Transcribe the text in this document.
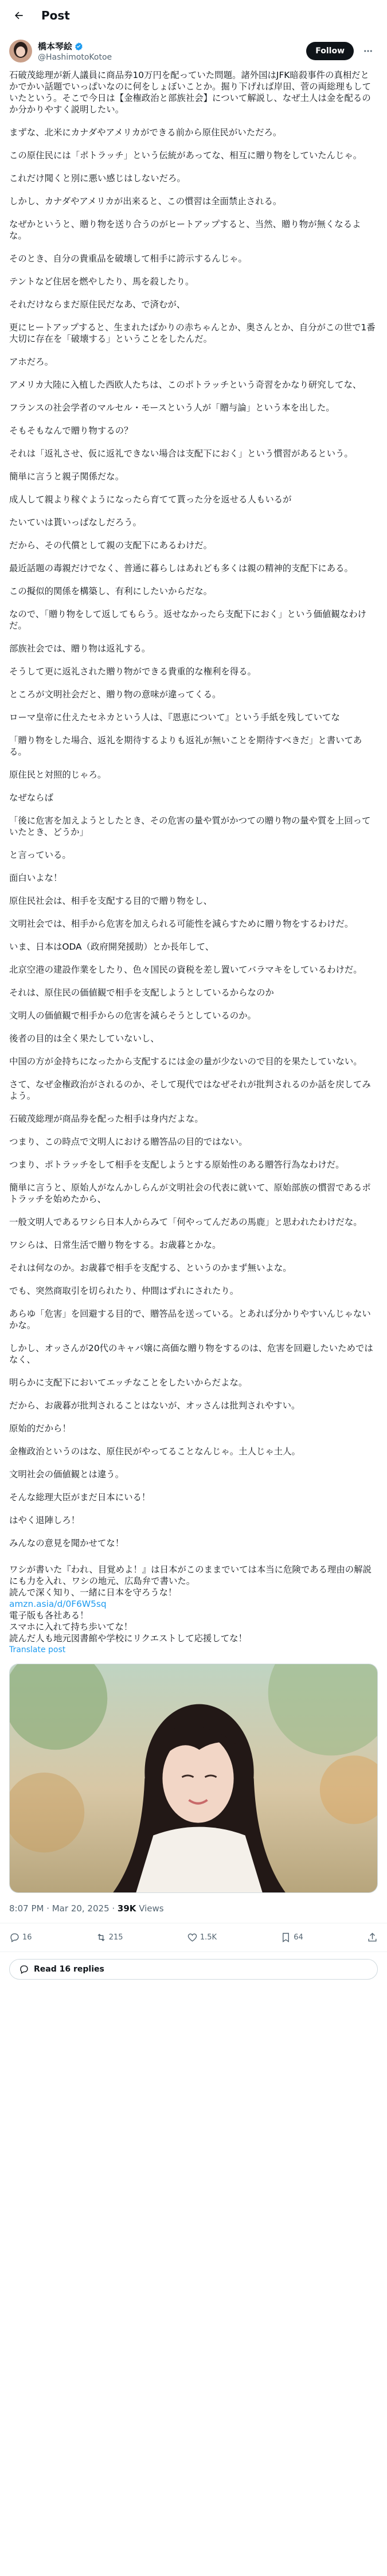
Post
橋本琴絵
@HashimotoKotoe
Follow
石破茂総理が新人議員に商品券10万円を配っていた問題。諸外国はJFK暗殺事件の真相だとかでかい話題でいっぱいなのに何をしょぼいことか。掘り下げれば岸田、菅の両総理もしていたという。そこで今日は【金権政治と部族社会】について解説し、なぜ土人は金を配るのか分かりやすく説明したい。
まずな、北米にカナダやアメリカができる前から原住民がいただろ。
この原住民には「ポトラッチ」という伝統があってな、相互に贈り物をしていたんじゃ。
これだけ聞くと別に悪い感じはしないだろ。
しかし、カナダやアメリカが出来ると、この慣習は全面禁止される。
なぜかというと、贈り物を送り合うのがヒートアップすると、当然、贈り物が無くなるよな。
そのとき、自分の貴重品を破壊して相手に誇示するんじゃ。
テントなど住居を燃やしたり、馬を殺したり。
それだけならまだ原住民だなあ、で済むが、
更にヒートアップすると、生まれたばかりの赤ちゃんとか、奥さんとか、自分がこの世で1番大切に存在を「破壊する」ということをしたんだ。
アホだろ。
アメリカ大陸に入植した西欧人たちは、このポトラッチという奇習をかなり研究してな、
フランスの社会学者のマルセル・モースという人が「贈与論」という本を出した。
そもそもなんで贈り物するの？
それは「返礼させ、仮に返礼できない場合は支配下におく」という慣習があるという。
簡単に言うと親子関係だな。
成人して親より稼ぐようになったら育てて貰った分を返せる人もいるが
たいていは貰いっぱなしだろう。
だから、その代償として親の支配下にあるわけだ。
最近話題の毒親だけでなく、普通に暮らしはあれども多くは親の精神的支配下にある。
この擬似的関係を構築し、有利にしたいからだな。
なので、「贈り物をして返してもらう。返せなかったら支配下におく」という価値観なわけだ。
部族社会では、贈り物は返礼する。
そうして更に返礼された贈り物ができる貴重的な権利を得る。
ところが文明社会だと、贈り物の意味が違ってくる。
ローマ皇帝に仕えたセネカという人は、『恩恵について』という手紙を残していてな
「贈り物をした場合、返礼を期待するよりも返礼が無いことを期待すべきだ」と書いてある。
原住民と対照的じゃろ。
なぜならば
「後に危害を加えようとしたとき、その危害の量や質がかつての贈り物の量や質を上回っていたとき、どうか」
と言っている。
面白いよな！
原住民社会は、相手を支配する目的で贈り物をし、
文明社会では、相手から危害を加えられる可能性を減らすために贈り物をするわけだ。
いま、日本はODA（政府開発援助）とか長年して、
北京空港の建設作業をしたり、色々国民の資税を差し置いてバラマキをしているわけだ。
それは、原住民の価値観で相手を支配しようとしているからなのか
文明人の価値観で相手からの危害を減らそうとしているのか。
後者の目的は全く果たしていないし、
中国の方が金持ちになったから支配するには金の量が少ないので目的を果たしていない。
さて、なぜ金権政治がされるのか、そして現代ではなぜそれが批判されるのか話を戻してみよう。
石破茂総理が商品券を配った相手は身内だよな。
つまり、この時点で文明人における贈答品の目的ではない。
つまり、ポトラッチをして相手を支配しようとする原始性のある贈答行為なわけだ。
簡単に言うと、原始人がなんかしらんが文明社会の代表に就いて、原始部族の慣習であるポトラッチを始めたから、
一般文明人であるワシら日本人からみて「何やってんだあの馬鹿」と思われたわけだな。
ワシらは、日常生活で贈り物をする。お歳暮とかな。
それは何なのか。お歳暮で相手を支配する、というのかまず無いよな。
でも、突然商取引を切られたり、仲間はずれにされたり。
あらゆ「危害」を回避する目的で、贈答品を送っている。とあれば分かりやすいんじゃないかな。
しかし、オッさんが20代のキャバ嬢に高価な贈り物をするのは、危害を回避したいためではなく、
明らかに支配下においてエッチなことをしたいからだよな。
だから、お歳暮が批判されることはないが、オッさんは批判されやすい。
原始的だから！
金権政治というのはな、原住民がやってることなんじゃ。土人じゃ土人。
文明社会の価値観とは違う。
そんな総理大臣がまだ日本にいる！
はやく退陣しろ！
みんなの意見を聞かせてな！
ワシが書いた『われ、目覚めよ！』は日本がこのままでいては本当に危険である理由の解説にも力を入れ、ワシの地元、広島弁で書いた。
読んで深く知り、一緒に日本を守ろうな！
amzn.asia/d/0F6W5sq
電子版も各社ある！
スマホに入れて持ち歩いてな！
読んだ人も地元図書館や学校にリクエストして応援してな！
Translate post
8:07 PM · Mar 20, 2025 · 39K Views
16	215	1.5K	64
Read 16 replies
